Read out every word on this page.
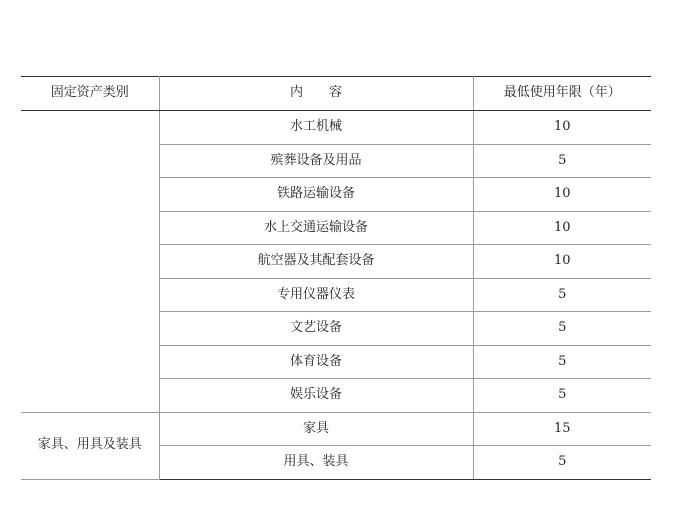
固定资产类别	内　　容	最低使用年限（年）
	水工机械	10
	殡葬设备及用品	5
	铁路运输设备	10
	水上交通运输设备	10
	航空器及其配套设备	10
	专用仪器仪表	5
	文艺设备	5
	体育设备	5
	娱乐设备	5
家具、用具及装具	家具	15
	用具、装具	5
